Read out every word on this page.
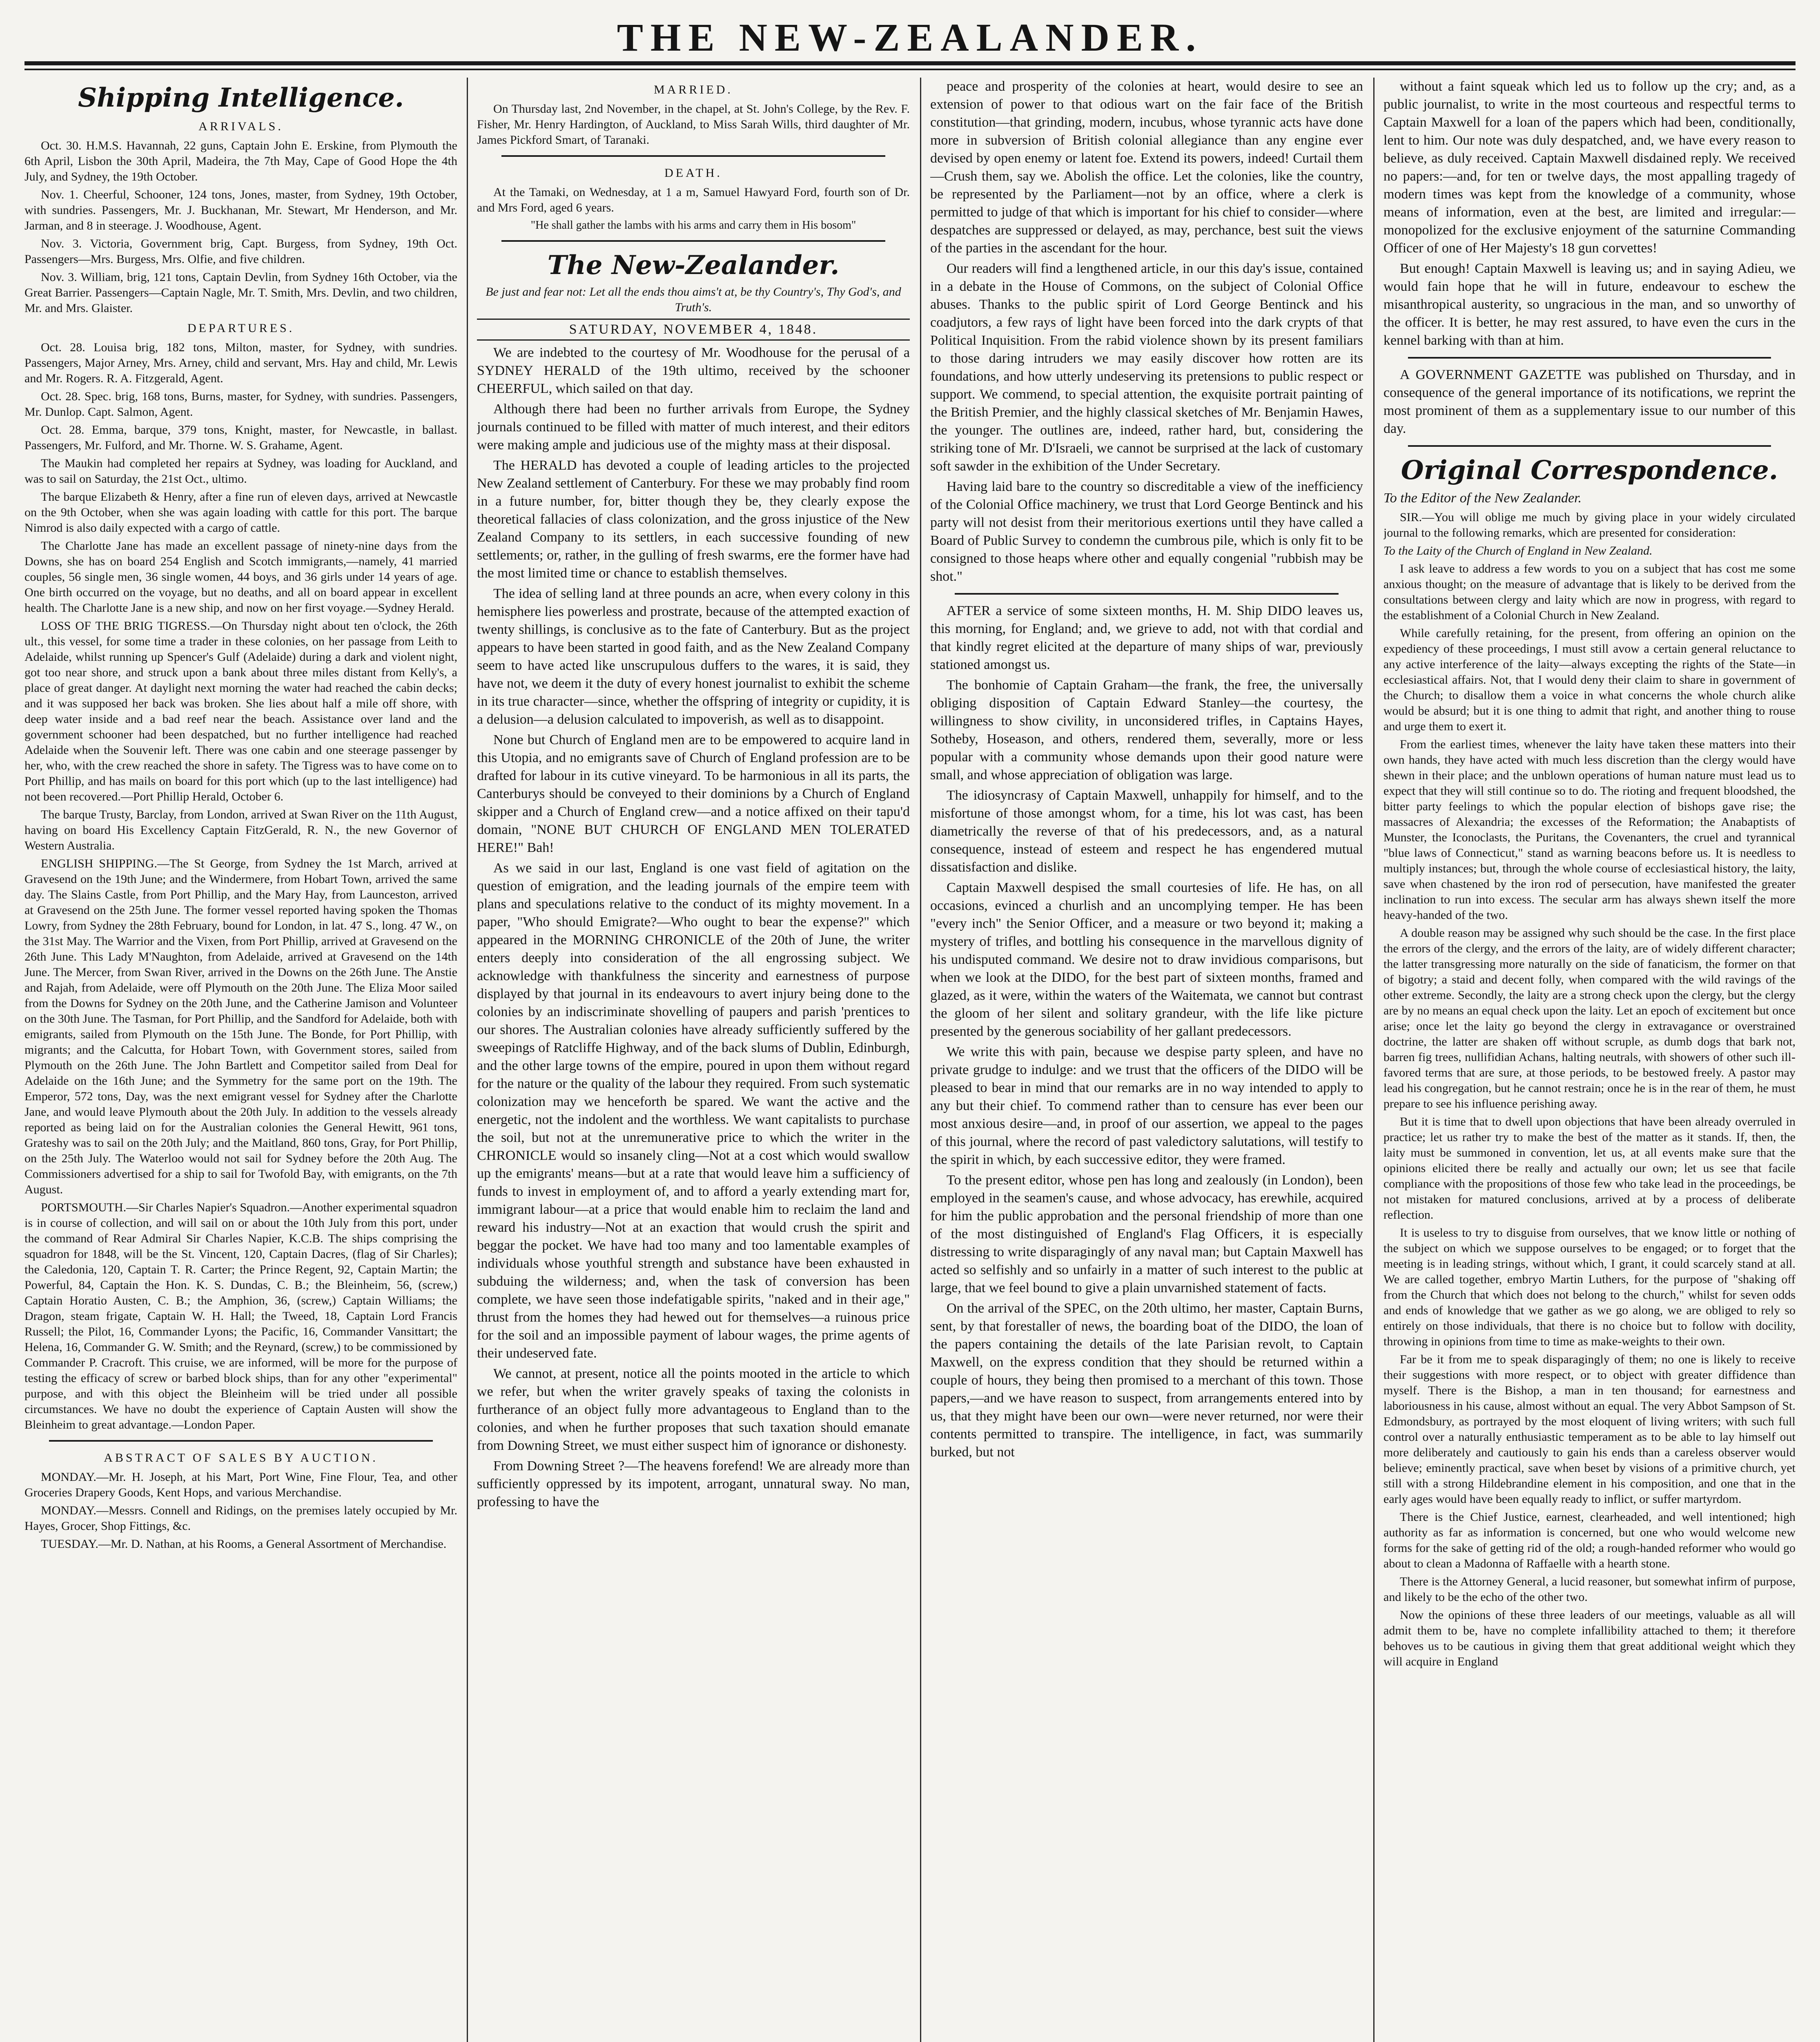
THE NEW-ZEALANDER.
Shipping Intelligence.
ARRIVALS.

Oct. 30. H.M.S. Havannah, 22 guns, Captain John E. Erskine, from Plymouth the 6th April, Lisbon the 30th April, Madeira, the 7th May, Cape of Good Hope the 4th July, and Sydney, the 19th October.

Nov. 1. Cheerful, Schooner, 124 tons, Jones, master, from Sydney, 19th October, with sundries. Passengers, Mr. J. Buckhanan, Mr. Stewart, Mr Henderson, and Mr. Jarman, and 8 in steerage. J. Woodhouse, Agent.

Nov. 3. Victoria, Government brig, Capt. Burgess, from Sydney, 19th Oct. Passengers—Mrs. Burgess, Mrs. Olfie, and five children.

Nov. 3. William, brig, 121 tons, Captain Devlin, from Sydney 16th October, via the Great Barrier. Passengers—Captain Nagle, Mr. T. Smith, Mrs. Devlin, and two children, Mr. and Mrs. Glaister.

DEPARTURES.

Oct. 28. Louisa brig, 182 tons, Milton, master, for Sydney, with sundries. Passengers, Major Arney, Mrs. Arney, child and servant, Mrs. Hay and child, Mr. Lewis and Mr. Rogers. R. A. Fitzgerald, Agent.

Oct. 28. Spec. brig, 168 tons, Burns, master, for Sydney, with sundries. Passengers, Mr. Dunlop. Capt. Salmon, Agent.

Oct. 28. Emma, barque, 379 tons, Knight, master, for Newcastle, in ballast. Passengers, Mr. Fulford, and Mr. Thorne. W. S. Grahame, Agent.

The Maukin had completed her repairs at Sydney, was loading for Auckland, and was to sail on Saturday, the 21st Oct., ultimo.

The barque Elizabeth & Henry, after a fine run of eleven days, arrived at Newcastle on the 9th October, when she was again loading with cattle for this port. The barque Nimrod is also daily expected with a cargo of cattle.

The Charlotte Jane has made an excellent passage of ninety-nine days from the Downs, she has on board 254 English and Scotch immigrants,—namely, 41 married couples, 56 single men, 36 single women, 44 boys, and 36 girls under 14 years of age. One birth occurred on the voyage, but no deaths, and all on board appear in excellent health. The Charlotte Jane is a new ship, and now on her first voyage.—Sydney Herald.

LOSS OF THE BRIG TIGRESS.—On Thursday night about ten o'clock, the 26th ult., this vessel, for some time a trader in these colonies, on her passage from Leith to Adelaide, whilst running up Spencer's Gulf (Adelaide) during a dark and violent night, got too near shore, and struck upon a bank about three miles distant from Kelly's, a place of great danger. At daylight next morning the water had reached the cabin decks; and it was supposed her back was broken. She lies about half a mile off shore, with deep water inside and a bad reef near the beach. Assistance over land and the government schooner had been despatched, but no further intelligence had reached Adelaide when the Souvenir left. There was one cabin and one steerage passenger by her, who, with the crew reached the shore in safety. The Tigress was to have come on to Port Phillip, and has mails on board for this port which (up to the last intelligence) had not been recovered.—Port Phillip Herald, October 6.

The barque Trusty, Barclay, from London, arrived at Swan River on the 11th August, having on board His Excellency Captain FitzGerald, R. N., the new Governor of Western Australia.

ENGLISH SHIPPING.—The St George, from Sydney the 1st March, arrived at Gravesend on the 19th June; and the Windermere, from Hobart Town, arrived the same day. The Slains Castle, from Port Phillip, and the Mary Hay, from Launceston, arrived at Gravesend on the 25th June. The former vessel reported having spoken the Thomas Lowry, from Sydney the 28th February, bound for London, in lat. 47 S., long. 47 W., on the 31st May. The Warrior and the Vixen, from Port Phillip, arrived at Gravesend on the 26th June. This Lady M'Naughton, from Adelaide, arrived at Gravesend on the 14th June. The Mercer, from Swan River, arrived in the Downs on the 26th June. The Anstie and Rajah, from Adelaide, were off Plymouth on the 20th June. The Eliza Moor sailed from the Downs for Sydney on the 20th June, and the Catherine Jamison and Volunteer on the 30th June. The Tasman, for Port Phillip, and the Sandford for Adelaide, both with emigrants, sailed from Plymouth on the 15th June. The Bonde, for Port Phillip, with migrants; and the Calcutta, for Hobart Town, with Government stores, sailed from Plymouth on the 26th June. The John Bartlett and Competitor sailed from Deal for Adelaide on the 16th June; and the Symmetry for the same port on the 19th. The Emperor, 572 tons, Day, was the next emigrant vessel for Sydney after the Charlotte Jane, and would leave Plymouth about the 20th July. In addition to the vessels already reported as being laid on for the Australian colonies the General Hewitt, 961 tons, Grateshy was to sail on the 20th July; and the Maitland, 860 tons, Gray, for Port Phillip, on the 25th July. The Waterloo would not sail for Sydney before the 20th Aug. The Commissioners advertised for a ship to sail for Twofold Bay, with emigrants, on the 7th August.

PORTSMOUTH.—Sir Charles Napier's Squadron.—Another experimental squadron is in course of collection, and will sail on or about the 10th July from this port, under the command of Rear Admiral Sir Charles Napier, K.C.B. The ships comprising the squadron for 1848, will be the St. Vincent, 120, Captain Dacres, (flag of Sir Charles); the Caledonia, 120, Captain T. R. Carter; the Prince Regent, 92, Captain Martin; the Powerful, 84, Captain the Hon. K. S. Dundas, C. B.; the Bleinheim, 56, (screw,) Captain Horatio Austen, C. B.; the Amphion, 36, (screw,) Captain Williams; the Dragon, steam frigate, Captain W. H. Hall; the Tweed, 18, Captain Lord Francis Russell; the Pilot, 16, Commander Lyons; the Pacific, 16, Commander Vansittart; the Helena, 16, Commander G. W. Smith; and the Reynard, (screw,) to be commissioned by Commander P. Cracroft. This cruise, we are informed, will be more for the purpose of testing the efficacy of screw or barbed block ships, than for any other "experimental" purpose, and with this object the Bleinheim will be tried under all possible circumstances. We have no doubt the experience of Captain Austen will show the Bleinheim to great advantage.—London Paper.

ABSTRACT OF SALES BY AUCTION.

MONDAY.—Mr. H. Joseph, at his Mart, Port Wine, Fine Flour, Tea, and other Groceries Drapery Goods, Kent Hops, and various Merchandise.

MONDAY.—Messrs. Connell and Ridings, on the premises lately occupied by Mr. Hayes, Grocer, Shop Fittings, &c.

TUESDAY.—Mr. D. Nathan, at his Rooms, a General Assortment of Merchandise.

MARRIED.

On Thursday last, 2nd November, in the chapel, at St. John's College, by the Rev. F. Fisher, Mr. Henry Hardington, of Auckland, to Miss Sarah Wills, third daughter of Mr. James Pickford Smart, of Taranaki.

DEATH.

At the Tamaki, on Wednesday, at 1 a m, Samuel Hawyard Ford, fourth son of Dr. and Mrs Ford, aged 6 years.

"He shall gather the lambs with his arms and carry them in His bosom"

The New-Zealander.

Be just and fear not: Let all the ends thou aims't at, be thy Country's, Thy God's, and Truth's.

SATURDAY, NOVEMBER 4, 1848.

We are indebted to the courtesy of Mr. Woodhouse for the perusal of a SYDNEY HERALD of the 19th ultimo, received by the schooner CHEERFUL, which sailed on that day.

Although there had been no further arrivals from Europe, the Sydney journals continued to be filled with matter of much interest, and their editors were making ample and judicious use of the mighty mass at their disposal.

The HERALD has devoted a couple of leading articles to the projected New Zealand settlement of Canterbury. For these we may probably find room in a future number, for, bitter though they be, they clearly expose the theoretical fallacies of class colonization, and the gross injustice of the New Zealand Company to its settlers, in each successive founding of new settlements; or, rather, in the gulling of fresh swarms, ere the former have had the most limited time or chance to establish themselves.

The idea of selling land at three pounds an acre, when every colony in this hemisphere lies powerless and prostrate, because of the attempted exaction of twenty shillings, is conclusive as to the fate of Canterbury. But as the project appears to have been started in good faith, and as the New Zealand Company seem to have acted like unscrupulous duffers to the wares, it is said, they have not, we deem it the duty of every honest journalist to exhibit the scheme in its true character—since, whether the offspring of integrity or cupidity, it is a delusion—a delusion calculated to impoverish, as well as to disappoint.

None but Church of England men are to be empowered to acquire land in this Utopia, and no emigrants save of Church of England profession are to be drafted for labour in its cutive vineyard. To be harmonious in all its parts, the Canterburys should be conveyed to their dominions by a Church of England skipper and a Church of England crew—and a notice affixed on their tapu'd domain, "NONE BUT CHURCH OF ENGLAND MEN TOLERATED HERE!" Bah!

As we said in our last, England is one vast field of agitation on the question of emigration, and the leading journals of the empire teem with plans and speculations relative to the conduct of its mighty movement. In a paper, "Who should Emigrate?—Who ought to bear the expense?" which appeared in the MORNING CHRONICLE of the 20th of June, the writer enters deeply into consideration of the all engrossing subject. We acknowledge with thankfulness the sincerity and earnestness of purpose displayed by that journal in its endeavours to avert injury being done to the colonies by an indiscriminate shovelling of paupers and parish 'prentices to our shores. The Australian colonies have already sufficiently suffered by the sweepings of Ratcliffe Highway, and of the back slums of Dublin, Edinburgh, and the other large towns of the empire, poured in upon them without regard for the nature or the quality of the labour they required. From such systematic colonization may we henceforth be spared. We want the active and the energetic, not the indolent and the worthless. We want capitalists to purchase the soil, but not at the unremunerative price to which the writer in the CHRONICLE would so insanely cling—Not at a cost which would swallow up the emigrants' means—but at a rate that would leave him a sufficiency of funds to invest in employment of, and to afford a yearly extending mart for, immigrant labour—at a price that would enable him to reclaim the land and reward his industry—Not at an exaction that would crush the spirit and beggar the pocket. We have had too many and too lamentable examples of individuals whose youthful strength and substance have been exhausted in subduing the wilderness; and, when the task of conversion has been complete, we have seen those indefatigable spirits, "naked and in their age," thrust from the homes they had hewed out for themselves—a ruinous price for the soil and an impossible payment of labour wages, the prime agents of their undeserved fate.

We cannot, at present, notice all the points mooted in the article to which we refer, but when the writer gravely speaks of taxing the colonists in furtherance of an object fully more advantageous to England than to the colonies, and when he further proposes that such taxation should emanate from Downing Street, we must either suspect him of ignorance or dishonesty.

From Downing Street ?—The heavens forefend! We are already more than sufficiently oppressed by its impotent, arrogant, unnatural sway. No man, professing to have the

peace and prosperity of the colonies at heart, would desire to see an extension of power to that odious wart on the fair face of the British constitution—that grinding, modern, incubus, whose tyrannic acts have done more in subversion of British colonial allegiance than any engine ever devised by open enemy or latent foe. Extend its powers, indeed! Curtail them—Crush them, say we. Abolish the office. Let the colonies, like the country, be represented by the Parliament—not by an office, where a clerk is permitted to judge of that which is important for his chief to consider—where despatches are suppressed or delayed, as may, perchance, best suit the views of the parties in the ascendant for the hour.

Our readers will find a lengthened article, in our this day's issue, contained in a debate in the House of Commons, on the subject of Colonial Office abuses. Thanks to the public spirit of Lord George Bentinck and his coadjutors, a few rays of light have been forced into the dark crypts of that Political Inquisition. From the rabid violence shown by its present familiars to those daring intruders we may easily discover how rotten are its foundations, and how utterly undeserving its pretensions to public respect or support. We commend, to special attention, the exquisite portrait painting of the British Premier, and the highly classical sketches of Mr. Benjamin Hawes, the younger. The outlines are, indeed, rather hard, but, considering the striking tone of Mr. D'Israeli, we cannot be surprised at the lack of customary soft sawder in the exhibition of the Under Secretary.

Having laid bare to the country so discreditable a view of the inefficiency of the Colonial Office machinery, we trust that Lord George Bentinck and his party will not desist from their meritorious exertions until they have called a Board of Public Survey to condemn the cumbrous pile, which is only fit to be consigned to those heaps where other and equally congenial "rubbish may be shot."

AFTER a service of some sixteen months, H. M. Ship DIDO leaves us, this morning, for England; and, we grieve to add, not with that cordial and that kindly regret elicited at the departure of many ships of war, previously stationed amongst us.

The bonhomie of Captain Graham—the frank, the free, the universally obliging disposition of Captain Edward Stanley—the courtesy, the willingness to show civility, in unconsidered trifles, in Captains Hayes, Sotheby, Hoseason, and others, rendered them, severally, more or less popular with a community whose demands upon their good nature were small, and whose appreciation of obligation was large.

The idiosyncrasy of Captain Maxwell, unhappily for himself, and to the misfortune of those amongst whom, for a time, his lot was cast, has been diametrically the reverse of that of his predecessors, and, as a natural consequence, instead of esteem and respect he has engendered mutual dissatisfaction and dislike.

Captain Maxwell despised the small courtesies of life. He has, on all occasions, evinced a churlish and an uncomplying temper. He has been "every inch" the Senior Officer, and a measure or two beyond it; making a mystery of trifles, and bottling his consequence in the marvellous dignity of his undisputed command. We desire not to draw invidious comparisons, but when we look at the DIDO, for the best part of sixteen months, framed and glazed, as it were, within the waters of the Waitemata, we cannot but contrast the gloom of her silent and solitary grandeur, with the life like picture presented by the generous sociability of her gallant predecessors.

We write this with pain, because we despise party spleen, and have no private grudge to indulge: and we trust that the officers of the DIDO will be pleased to bear in mind that our remarks are in no way intended to apply to any but their chief. To commend rather than to censure has ever been our most anxious desire—and, in proof of our assertion, we appeal to the pages of this journal, where the record of past valedictory salutations, will testify to the spirit in which, by each successive editor, they were framed.

To the present editor, whose pen has long and zealously (in London), been employed in the seamen's cause, and whose advocacy, has erewhile, acquired for him the public approbation and the personal friendship of more than one of the most distinguished of England's Flag Officers, it is especially distressing to write disparagingly of any naval man; but Captain Maxwell has acted so selfishly and so unfairly in a matter of such interest to the public at large, that we feel bound to give a plain unvarnished statement of facts.

On the arrival of the SPEC, on the 20th ultimo, her master, Captain Burns, sent, by that forestaller of news, the boarding boat of the DIDO, the loan of the papers containing the details of the late Parisian revolt, to Captain Maxwell, on the express condition that they should be returned within a couple of hours, they being then promised to a merchant of this town. Those papers,—and we have reason to suspect, from arrangements entered into by us, that they might have been our own—were never returned, nor were their contents permitted to transpire. The intelligence, in fact, was summarily burked, but not

without a faint squeak which led us to follow up the cry; and, as a public journalist, to write in the most courteous and respectful terms to Captain Maxwell for a loan of the papers which had been, conditionally, lent to him. Our note was duly despatched, and, we have every reason to believe, as duly received. Captain Maxwell disdained reply. We received no papers:—and, for ten or twelve days, the most appalling tragedy of modern times was kept from the knowledge of a community, whose means of information, even at the best, are limited and irregular:—monopolized for the exclusive enjoyment of the saturnine Commanding Officer of one of Her Majesty's 18 gun corvettes!

But enough! Captain Maxwell is leaving us; and in saying Adieu, we would fain hope that he will in future, endeavour to eschew the misanthropical austerity, so ungracious in the man, and so unworthy of the officer. It is better, he may rest assured, to have even the curs in the kennel barking with than at him.

A GOVERNMENT GAZETTE was published on Thursday, and in consequence of the general importance of its notifications, we reprint the most prominent of them as a supplementary issue to our number of this day.

Original Correspondence.

To the Editor of the New Zealander.

SIR.—You will oblige me much by giving place in your widely circulated journal to the following remarks, which are presented for consideration:

To the Laity of the Church of England in New Zealand.

I ask leave to address a few words to you on a subject that has cost me some anxious thought; on the measure of advantage that is likely to be derived from the consultations between clergy and laity which are now in progress, with regard to the establishment of a Colonial Church in New Zealand.

While carefully retaining, for the present, from offering an opinion on the expediency of these proceedings, I must still avow a certain general reluctance to any active interference of the laity—always excepting the rights of the State—in ecclesiastical affairs. Not, that I would deny their claim to share in government of the Church; to disallow them a voice in what concerns the whole church alike would be absurd; but it is one thing to admit that right, and another thing to rouse and urge them to exert it.

From the earliest times, whenever the laity have taken these matters into their own hands, they have acted with much less discretion than the clergy would have shewn in their place; and the unblown operations of human nature must lead us to expect that they will still continue so to do. The rioting and frequent bloodshed, the bitter party feelings to which the popular election of bishops gave rise; the massacres of Alexandria; the excesses of the Reformation; the Anabaptists of Munster, the Iconoclasts, the Puritans, the Covenanters, the cruel and tyrannical "blue laws of Connecticut," stand as warning beacons before us. It is needless to multiply instances; but, through the whole course of ecclesiastical history, the laity, save when chastened by the iron rod of persecution, have manifested the greater inclination to run into excess. The secular arm has always shewn itself the more heavy-handed of the two.

A double reason may be assigned why such should be the case. In the first place the errors of the clergy, and the errors of the laity, are of widely different character; the latter transgressing more naturally on the side of fanaticism, the former on that of bigotry; a staid and decent folly, when compared with the wild ravings of the other extreme. Secondly, the laity are a strong check upon the clergy, but the clergy are by no means an equal check upon the laity. Let an epoch of excitement but once arise; once let the laity go beyond the clergy in extravagance or overstrained doctrine, the latter are shaken off without scruple, as dumb dogs that bark not, barren fig trees, nullifidian Achans, halting neutrals, with showers of other such ill-favored terms that are sure, at those periods, to be bestowed freely. A pastor may lead his congregation, but he cannot restrain; once he is in the rear of them, he must prepare to see his influence perishing away.

But it is time that to dwell upon objections that have been already overruled in practice; let us rather try to make the best of the matter as it stands. If, then, the laity must be summoned in convention, let us, at all events make sure that the opinions elicited there be really and actually our own; let us see that facile compliance with the propositions of those few who take lead in the proceedings, be not mistaken for matured conclusions, arrived at by a process of deliberate reflection.

It is useless to try to disguise from ourselves, that we know little or nothing of the subject on which we suppose ourselves to be engaged; or to forget that the meeting is in leading strings, without which, I grant, it could scarcely stand at all. We are called together, embryo Martin Luthers, for the purpose of "shaking off from the Church that which does not belong to the church," whilst for seven odds and ends of knowledge that we gather as we go along, we are obliged to rely so entirely on those individuals, that there is no choice but to follow with docility, throwing in opinions from time to time as make-weights to their own.

Far be it from me to speak disparagingly of them; no one is likely to receive their suggestions with more respect, or to object with greater diffidence than myself. There is the Bishop, a man in ten thousand; for earnestness and laboriousness in his cause, almost without an equal. The very Abbot Sampson of St. Edmondsbury, as portrayed by the most eloquent of living writers; with such full control over a naturally enthusiastic temperament as to be able to lay himself out more deliberately and cautiously to gain his ends than a careless observer would believe; eminently practical, save when beset by visions of a primitive church, yet still with a strong Hildebrandine element in his composition, and one that in the early ages would have been equally ready to inflict, or suffer martyrdom.

There is the Chief Justice, earnest, clearheaded, and well intentioned; high authority as far as information is concerned, but one who would welcome new forms for the sake of getting rid of the old; a rough-handed reformer who would go about to clean a Madonna of Raffaelle with a hearth stone.

There is the Attorney General, a lucid reasoner, but somewhat infirm of purpose, and likely to be the echo of the other two.

Now the opinions of these three leaders of our meetings, valuable as all will admit them to be, have no complete infallibility attached to them; it therefore behoves us to be cautious in giving them that great additional weight which they will acquire in England
